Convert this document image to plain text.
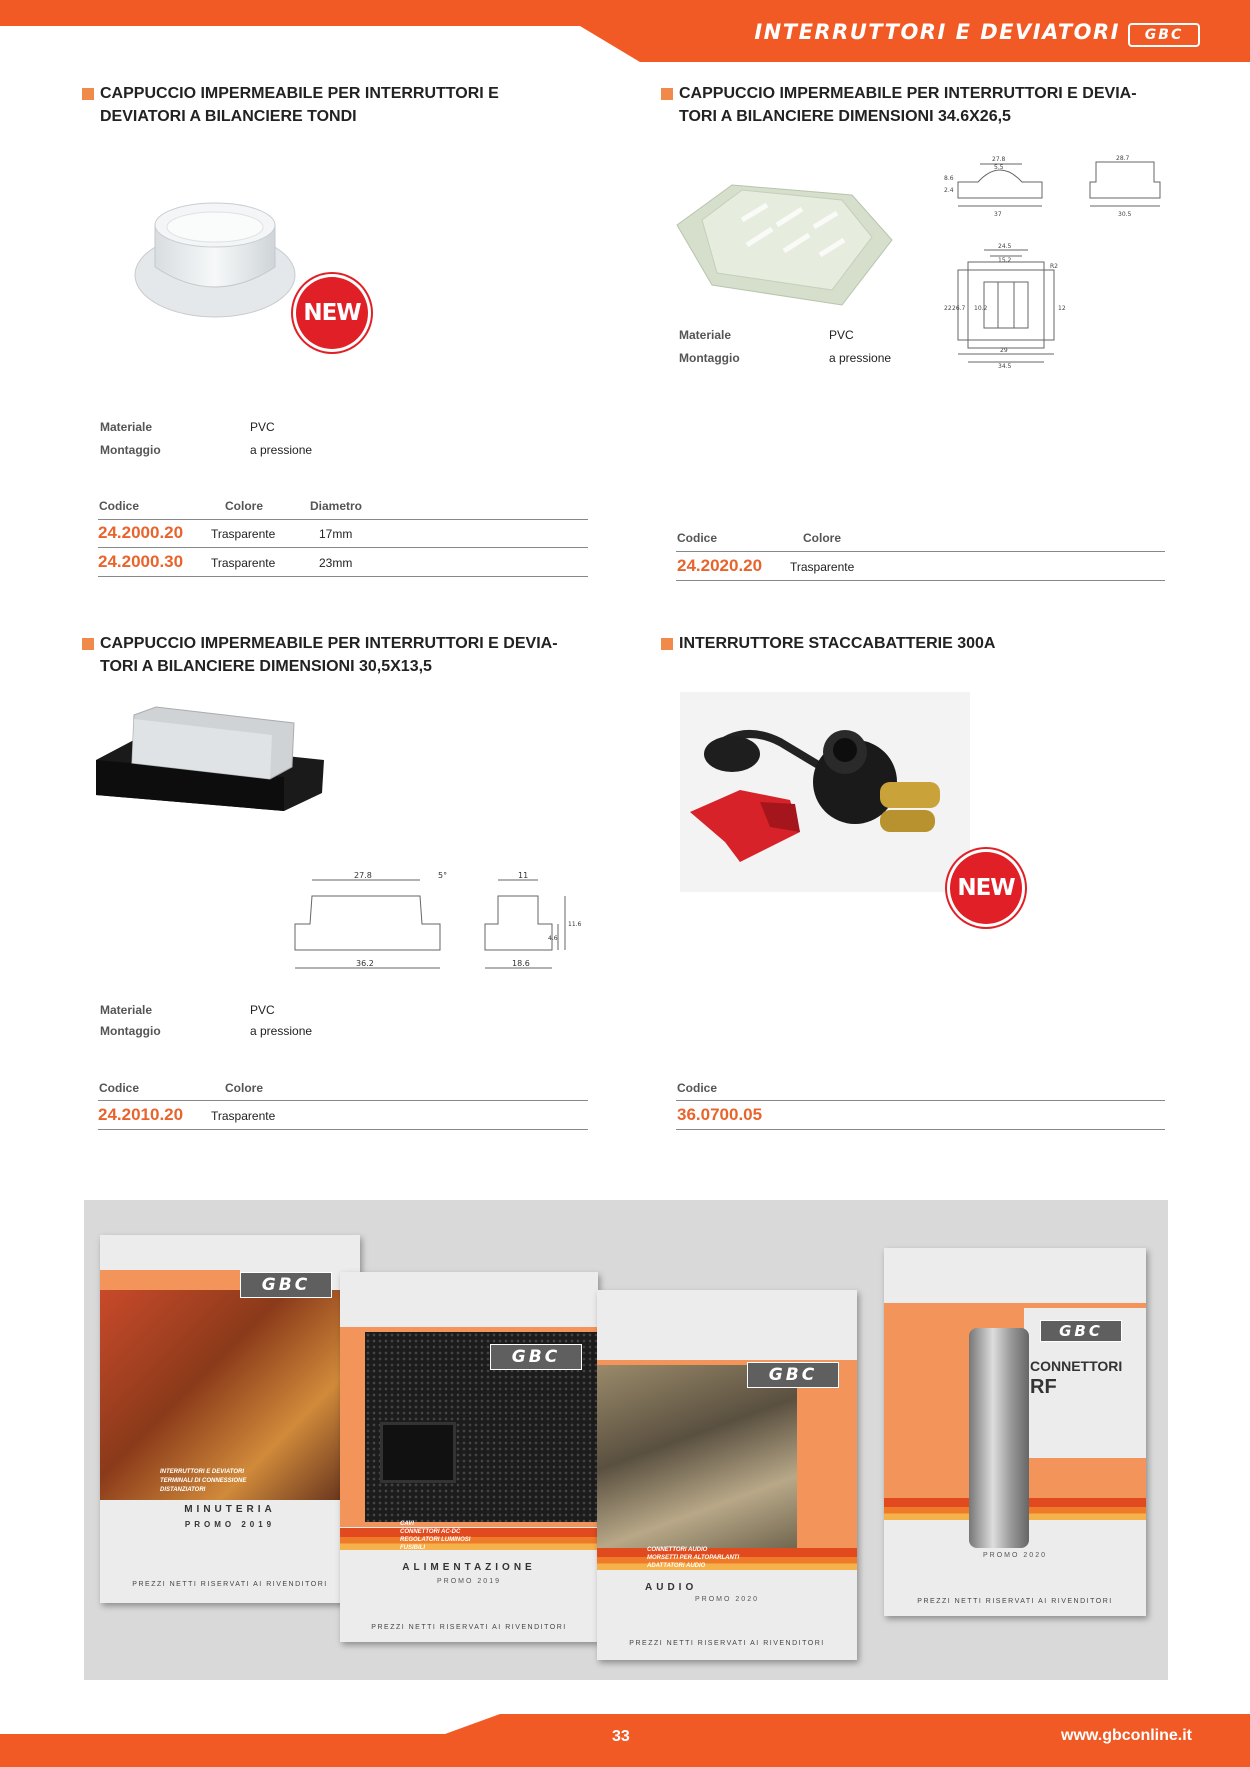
INTERRUTTORI E DEVIATORI	GBC
CAPPUCCIO IMPERMEABILE PER INTERRUTTORI E
DEVIATORI A BILANCIERE TONDI
NEW
Materiale	PVC
Montaggio	a pressione
Codice	Colore	Diametro
24.2000.20 Trasparente	17mm
24.2000.30 Trasparente	23mm
CAPPUCCIO IMPERMEABILE PER INTERRUTTORI E DEVIA-
TORI A BILANCIERE DIMENSIONI 34.6X26,5
27.8
5.5
2.4
8.6
37
28.7
30.5
24.5
15.2
R2
22 26.7 10.2	12
29
34.5
Materiale	PVC
Montaggio	a pressione
Codice	Colore
24.2020.20 Trasparente
CAPPUCCIO IMPERMEABILE PER INTERRUTTORI E DEVIA-
TORI A BILANCIERE DIMENSIONI 30,5X13,5
27.8	5°
36.2
11
18.6
4.6
11.6
Materiale	PVC
Montaggio	a pressione
Codice	Colore
24.2010.20 Trasparente
INTERRUTTORE STACCABATTERIE 300A
NEW
Codice
36.0700.05
GBC
INTERRUTTORI E DEVIATORI
TERMINALI DI CONNESSIONE
DISTANZIATORI
MINUTERIA
PROMO 2019
PREZZI NETTI RISERVATI AI RIVENDITORI
GBC
CAVI
CONNETTORI AC-DC
REGOLATORI LUMINOSI
FUSIBILI
ALIMENTAZIONE
PROMO 2019
PREZZI NETTI RISERVATI AI RIVENDITORI
GBC
CONNETTORI AUDIO
MORSETTI PER ALTOPARLANTI
ADATTATORI AUDIO
AUDIO
PROMO 2020
PREZZI NETTI RISERVATI AI RIVENDITORI
GBC
CONNETTORI
RF
PROMO 2020
PREZZI NETTI RISERVATI AI RIVENDITORI
33	www.gbconline.it
